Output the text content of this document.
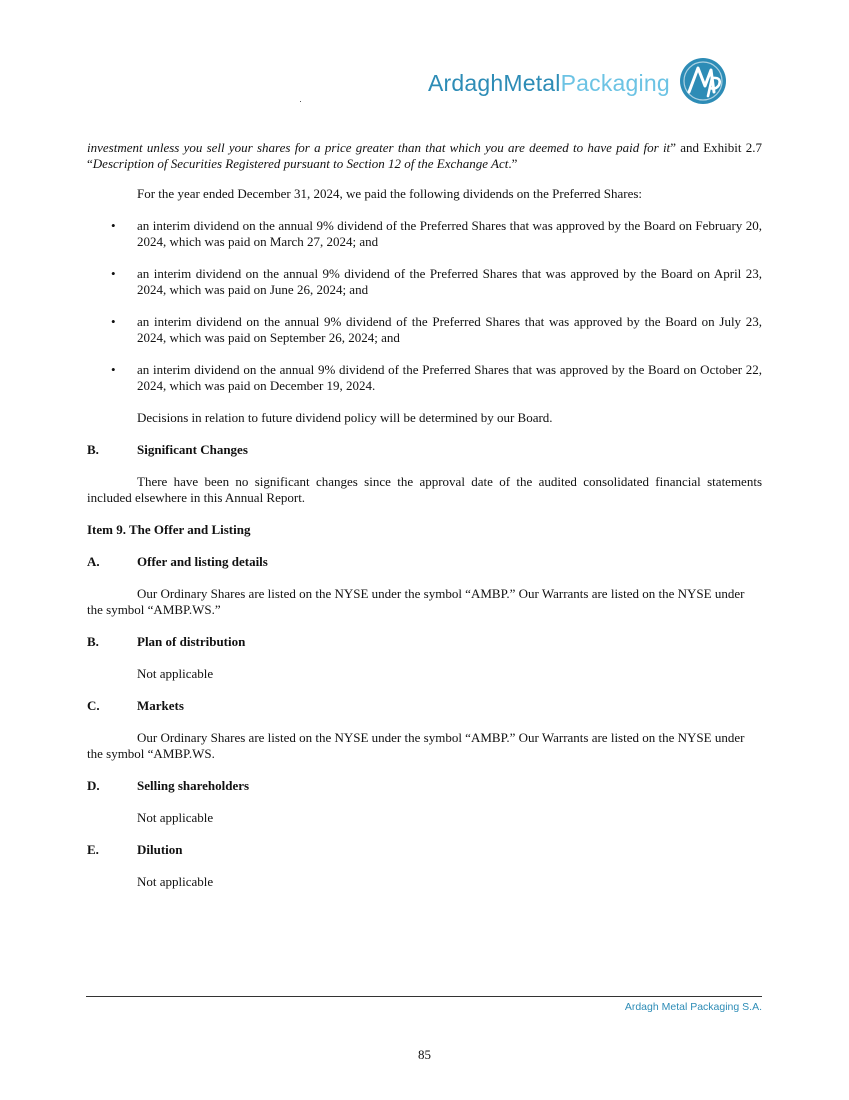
ArdaghMetalPackaging

investment unless you sell your shares for a price greater than that which you are deemed to have paid for it” and Exhibit 2.7 “Description of Securities Registered pursuant to Section 12 of the Exchange Act.”

For the year ended December 31, 2024, we paid the following dividends on the Preferred Shares:

• an interim dividend on the annual 9% dividend of the Preferred Shares that was approved by the Board on February 20, 2024, which was paid on March 27, 2024; and
• an interim dividend on the annual 9% dividend of the Preferred Shares that was approved by the Board on April 23, 2024, which was paid on June 26, 2024; and
• an interim dividend on the annual 9% dividend of the Preferred Shares that was approved by the Board on July 23, 2024, which was paid on September 26, 2024; and
• an interim dividend on the annual 9% dividend of the Preferred Shares that was approved by the Board on October 22, 2024, which was paid on December 19, 2024.

Decisions in relation to future dividend policy will be determined by our Board.

B.	Significant Changes

There have been no significant changes since the approval date of the audited consolidated financial statements included elsewhere in this Annual Report.

Item 9. The Offer and Listing
A.	Offer and listing details

Our Ordinary Shares are listed on the NYSE under the symbol “AMBP.” Our Warrants are listed on the NYSE under the symbol “AMBP.WS.”

B.	Plan of distribution

Not applicable

C.	Markets

Our Ordinary Shares are listed on the NYSE under the symbol “AMBP.” Our Warrants are listed on the NYSE under the symbol “AMBP.WS.

D.	Selling shareholders

Not applicable

E.	Dilution

Not applicable

Ardagh Metal Packaging S.A.
85
